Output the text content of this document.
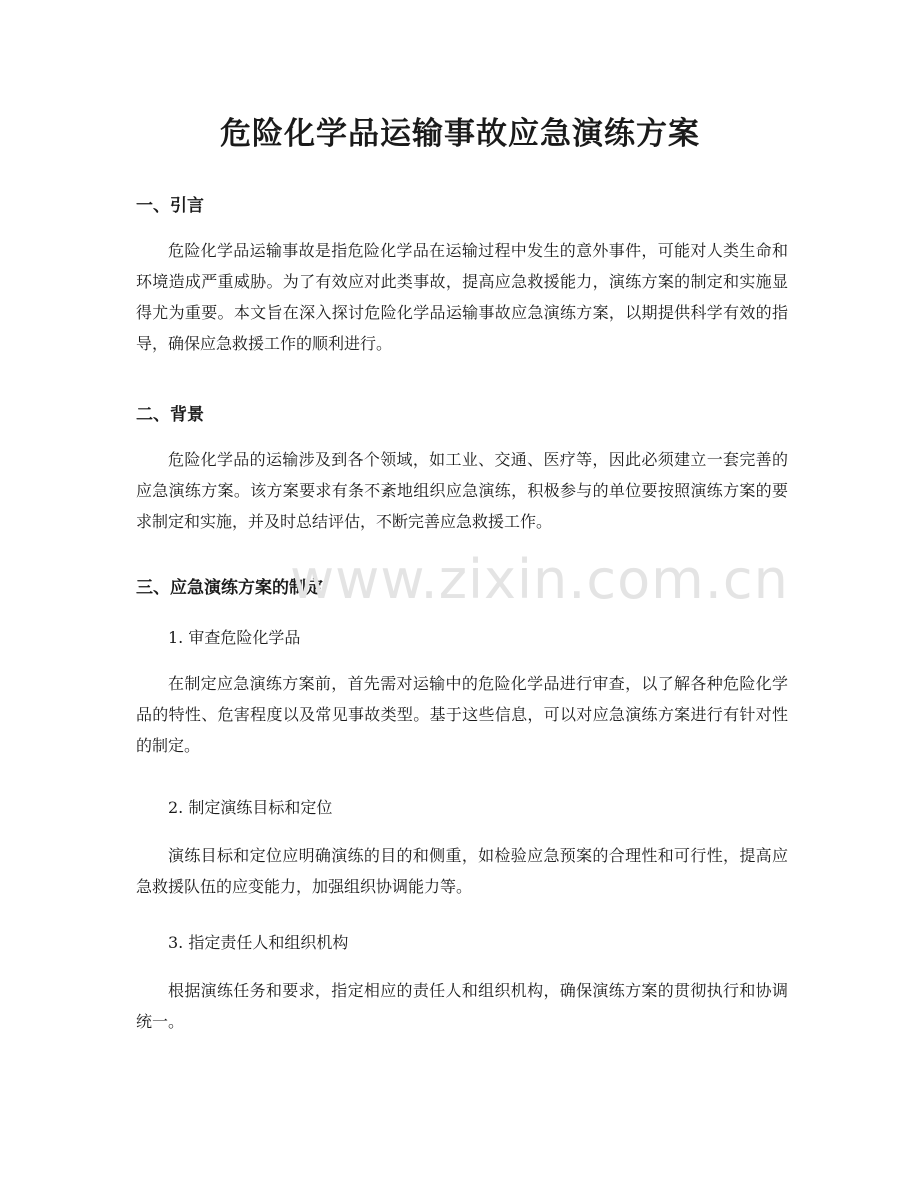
危险化学品运输事故应急演练方案
一、引言

危险化学品运输事故是指危险化学品在运输过程中发生的意外事件，可能对人类生命和环境造成严重威胁。为了有效应对此类事故，提高应急救援能力，演练方案的制定和实施显得尤为重要。本文旨在深入探讨危险化学品运输事故应急演练方案，以期提供科学有效的指导，确保应急救援工作的顺利进行。

二、背景

危险化学品的运输涉及到各个领域，如工业、交通、医疗等，因此必须建立一套完善的应急演练方案。该方案要求有条不紊地组织应急演练，积极参与的单位要按照演练方案的要求制定和实施，并及时总结评估，不断完善应急救援工作。

三、应急演练方案的制定

1. 审查危险化学品

在制定应急演练方案前，首先需对运输中的危险化学品进行审查，以了解各种危险化学品的特性、危害程度以及常见事故类型。基于这些信息，可以对应急演练方案进行有针对性的制定。

2. 制定演练目标和定位

演练目标和定位应明确演练的目的和侧重，如检验应急预案的合理性和可行性，提高应急救援队伍的应变能力，加强组织协调能力等。

3. 指定责任人和组织机构

根据演练任务和要求，指定相应的责任人和组织机构，确保演练方案的贯彻执行和协调统一。

www.zixin.com.cn
